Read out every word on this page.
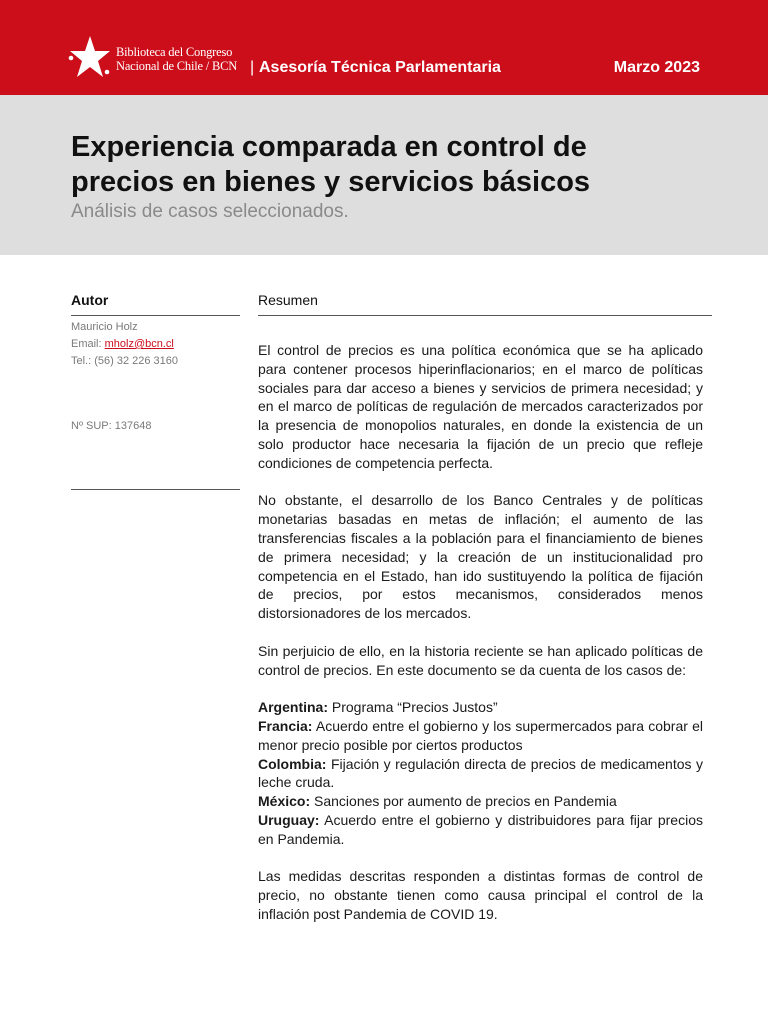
Biblioteca del Congreso
Nacional de Chile / BCN | Asesoría Técnica Parlamentaria	Marzo 2023
Experiencia comparada en control de precios en bienes y servicios básicos
Análisis de casos seleccionados.
Autor
Mauricio Holz
Email: mholz@bcn.cl
Tel.: (56) 32 226 3160
Nº SUP: 137648
Resumen

El control de precios es una política económica que se ha aplicado para contener procesos hiperinflacionarios; en el marco de políticas sociales para dar acceso a bienes y servicios de primera necesidad; y en el marco de políticas de regulación de mercados caracterizados por la presencia de monopolios naturales, en donde la existencia de un solo productor hace necesaria la fijación de un precio que refleje condiciones de competencia perfecta.

No obstante, el desarrollo de los Banco Centrales y de políticas monetarias basadas en metas de inflación; el aumento de las transferencias fiscales a la población para el financiamiento de bienes de primera necesidad; y la creación de un institucionalidad pro competencia en el Estado, han ido sustituyendo la política de fijación de precios, por estos mecanismos, considerados menos distorsionadores de los mercados.

Sin perjuicio de ello, en la historia reciente se han aplicado políticas de control de precios. En este documento se da cuenta de los casos de:

Argentina: Programa “Precios Justos”
Francia: Acuerdo entre el gobierno y los supermercados para cobrar el menor precio posible por ciertos productos
Colombia: Fijación y regulación directa de precios de medicamentos y leche cruda.
México: Sanciones por aumento de precios en Pandemia
Uruguay: Acuerdo entre el gobierno y distribuidores para fijar precios en Pandemia.

Las medidas descritas responden a distintas formas de control de precio, no obstante tienen como causa principal el control de la inflación post Pandemia de COVID 19.
